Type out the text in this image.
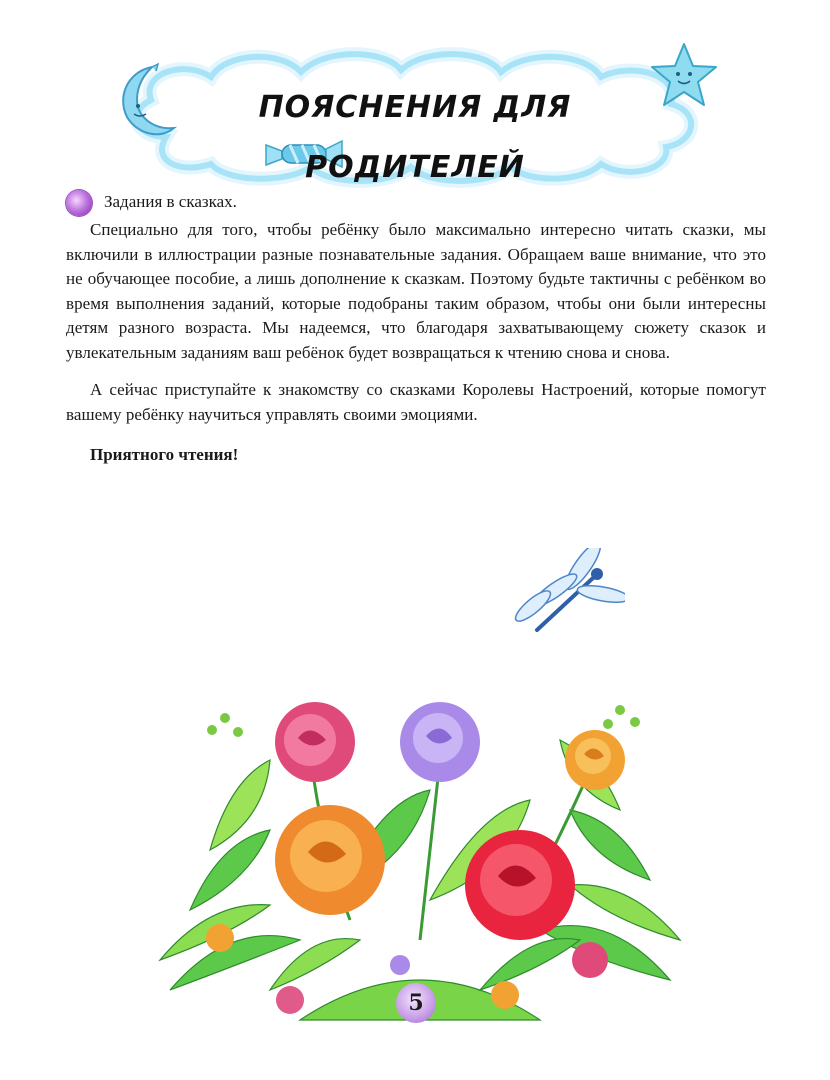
ПОЯСНЕНИЯ ДЛЯ РОДИТЕЛЕЙ
Задания в сказках.

Специально для того, чтобы ребёнку было максимально интересно читать сказки, мы включили в иллюстрации разные познавательные задания. Обращаем ваше внимание, что это не обучающее пособие, а лишь дополнение к сказкам. Поэтому будьте тактичны с ребёнком во время выполнения заданий, которые подобраны таким образом, чтобы они были интересны детям разного возраста. Мы надеемся, что благодаря захватывающему сюжету сказок и увлекательным заданиям ваш ребёнок будет возвращаться к чтению снова и снова.

А сейчас приступайте к знакомству со сказками Королевы Настроений, которые помогут вашему ребёнку научиться управлять своими эмоциями.

Приятного чтения!
5
